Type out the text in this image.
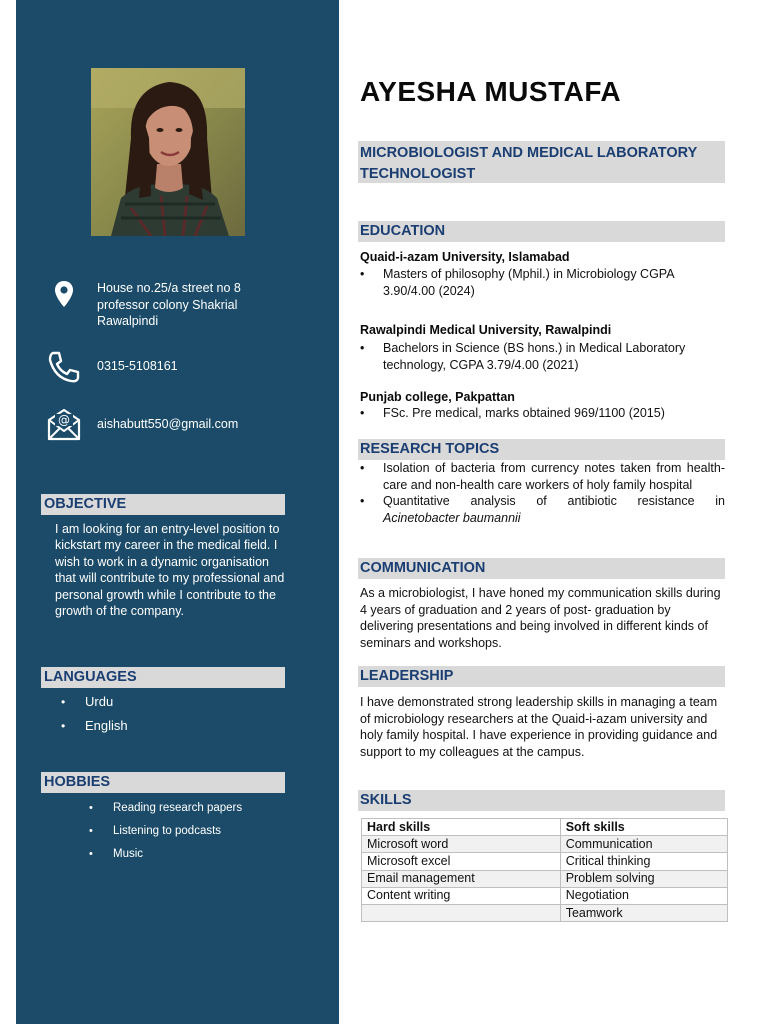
House no.25/a street no 8
professor colony Shakrial
Rawalpindi
0315-5108161
@ aishabutt550@gmail.com
OBJECTIVE

I am looking for an entry-level position to kickstart my career in the medical field. I wish to work in a dynamic organisation that will contribute to my professional and personal growth while I contribute to the growth of the company.

LANGUAGES
• Urdu
• English
HOBBIES
• Reading research papers
• Listening to podcasts
• Music
AYESHA MUSTAFA
MICROBIOLOGIST AND MEDICAL LABORATORY TECHNOLOGIST
EDUCATION
Quaid-i-azam University, Islamabad
• Masters of philosophy (Mphil.) in Microbiology CGPA 3.90/4.00 (2024)
Rawalpindi Medical University, Rawalpindi
• Bachelors in Science (BS hons.) in Medical Laboratory technology, CGPA 3.79/4.00 (2021)
Punjab college, Pakpattan
• FSc. Pre medical, marks obtained 969/1100 (2015)
RESEARCH TOPICS
• Isolation of bacteria from currency notes taken from health-care and non-health care workers of holy family hospital
• Quantitative analysis of antibiotic resistance in
Acinetobacter baumannii
COMMUNICATION

As a microbiologist, I have honed my communication skills during 4 years of graduation and 2 years of post- graduation by delivering presentations and being involved in different kinds of seminars and workshops.

LEADERSHIP

I have demonstrated strong leadership skills in managing a team of microbiology researchers at the Quaid-i-azam university and holy family hospital. I have experience in providing guidance and support to my colleagues at the campus.

SKILLS
Hard skills	Soft skills
Microsoft word	Communication
Microsoft excel	Critical thinking
Email management	Problem solving
Content writing	Negotiation
	Teamwork
